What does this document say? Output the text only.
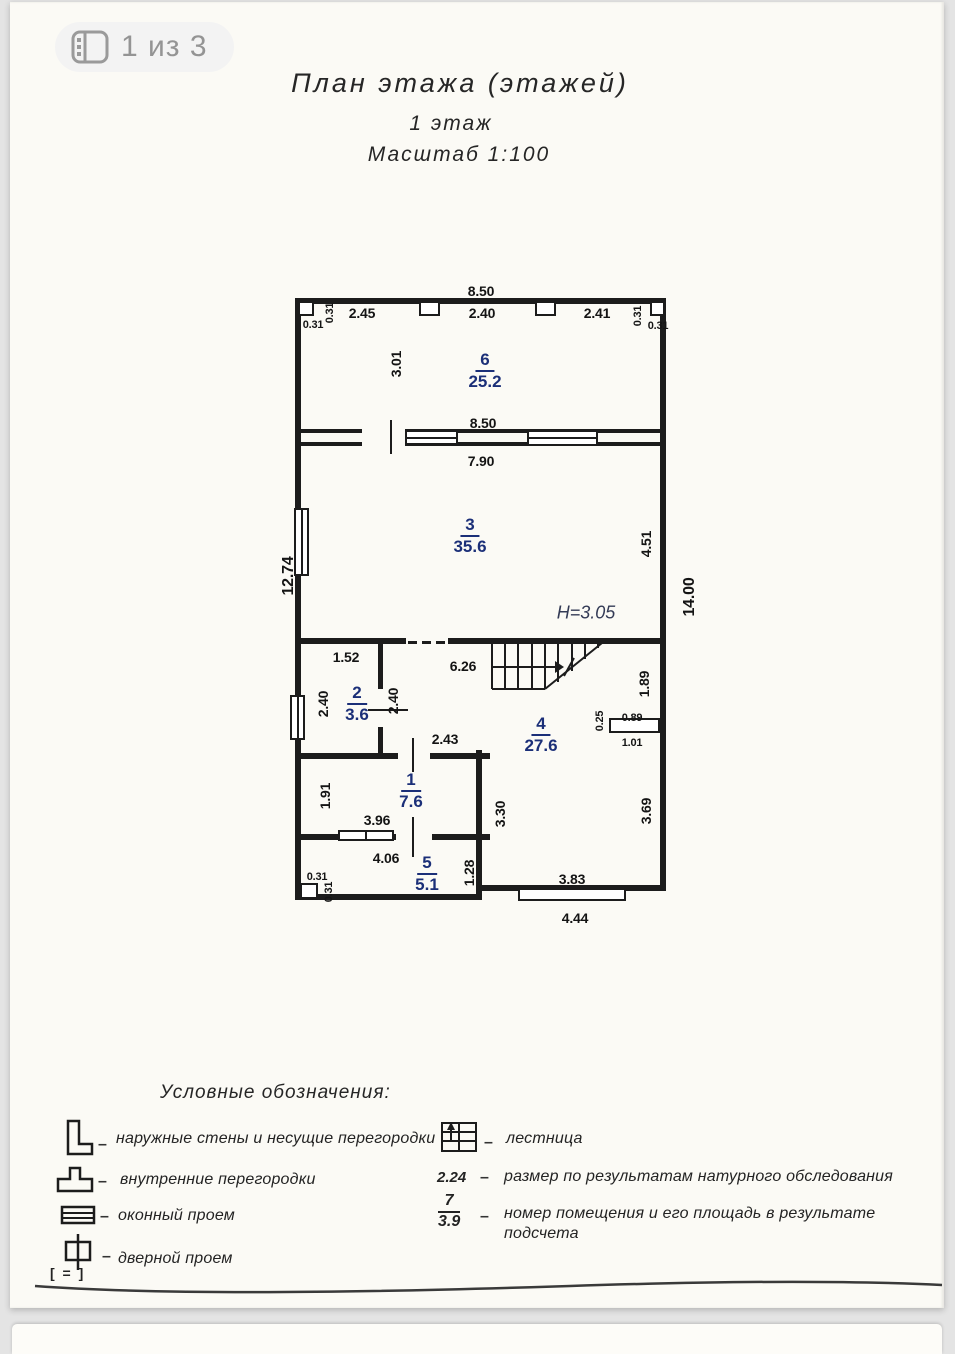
План этажа (этажей)
1 этаж
Масштаб 1:100
8.50
0.31
0.31 2.45	2.40	2.41 0.31 0.31
3.01
8.50
7.90
12.74
4.51
14.00
1.52
6.26
2.40	2.40
1.89
0.25 0.89
1.01
2.43
1.91
3.96	3.30	3.69
4.06
0.31
0.31
1.28	3.83
4.44
6
25.2
3
35.6
2
3.6	4
27.6
1
7.6
5
5.1
Н=3.05
Условные обозначения:
– наружные стены и несущие перегородки
– внутренние перегородки
– оконный проем
– дверной проем
[ = ]
– лестница
2.24 – размер по результатам натурного обследования
$\frac{7}{3.9}$ – номер помещения и его площадь в результате подсчета
1 из 3
